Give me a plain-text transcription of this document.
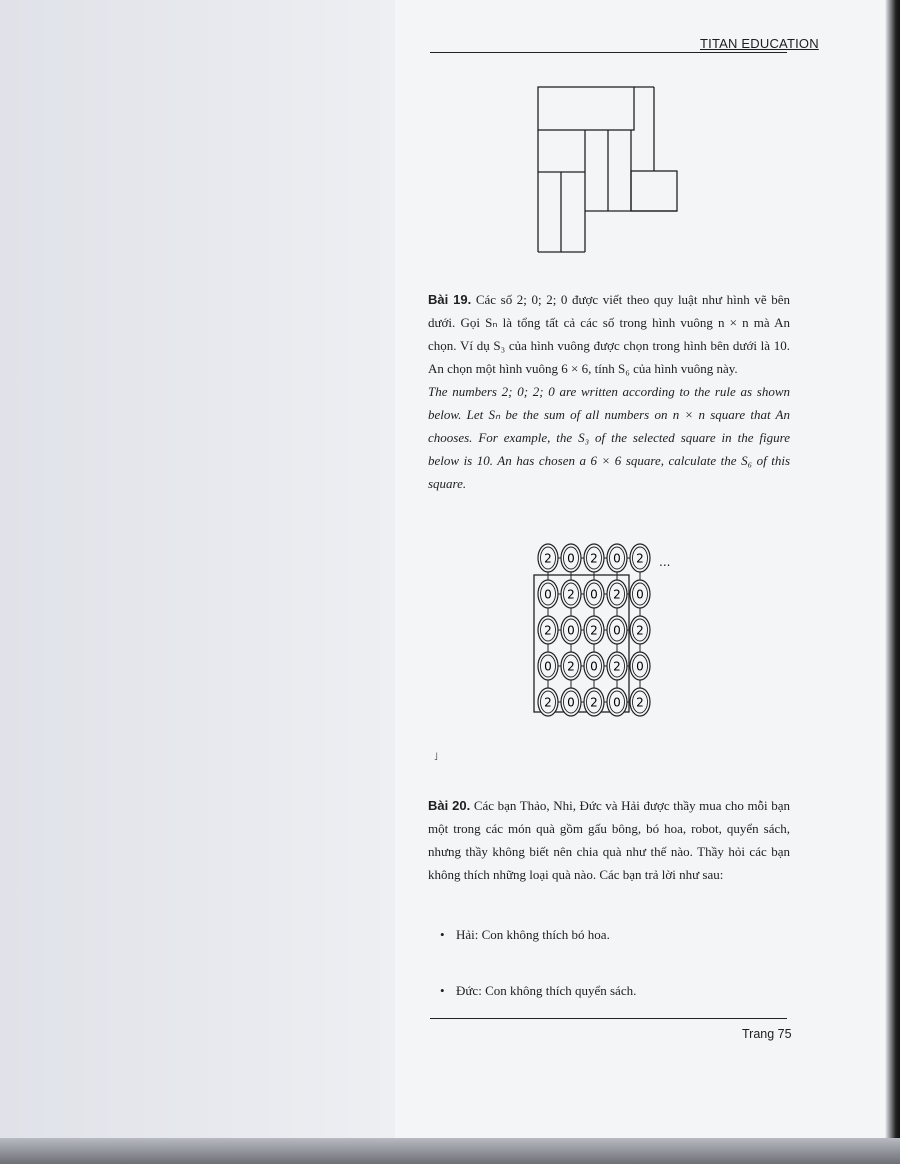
TITAN EDUCATION

Bài 19. Các số 2; 0; 2; 0 được viết theo quy luật như hình vẽ bên dưới. Gọi Sₙ là tổng tất cả các số trong hình vuông n × n mà An chọn. Ví dụ S₃ của hình vuông được chọn trong hình bên dưới là 10. An chọn một hình vuông 6 × 6, tính S₆ của hình vuông này.

The numbers 2; 0; 2; 0 are written according to the rule as shown below. Let Sₙ be the sum of all numbers on n × n square that An chooses. For example, the S₃ of the selected square in the figure below is 10. An has chosen a 6 × 6 square, calculate the S₆ of this square.

2 0 2 0 2
0 2 0 2 0
2 0 2 0 2
0 2 0 2 0
2 0 2 0 2
...
˩

Bài 20. Các bạn Thảo, Nhi, Đức và Hải được thầy mua cho mỗi bạn một trong các món quà gồm gấu bông, bó hoa, robot, quyển sách, nhưng thầy không biết nên chia quà như thế nào. Thầy hỏi các bạn không thích những loại quà nào. Các bạn trả lời như sau:

• Hải: Con không thích bó hoa.
• Đức: Con không thích quyển sách.
Trang 75
